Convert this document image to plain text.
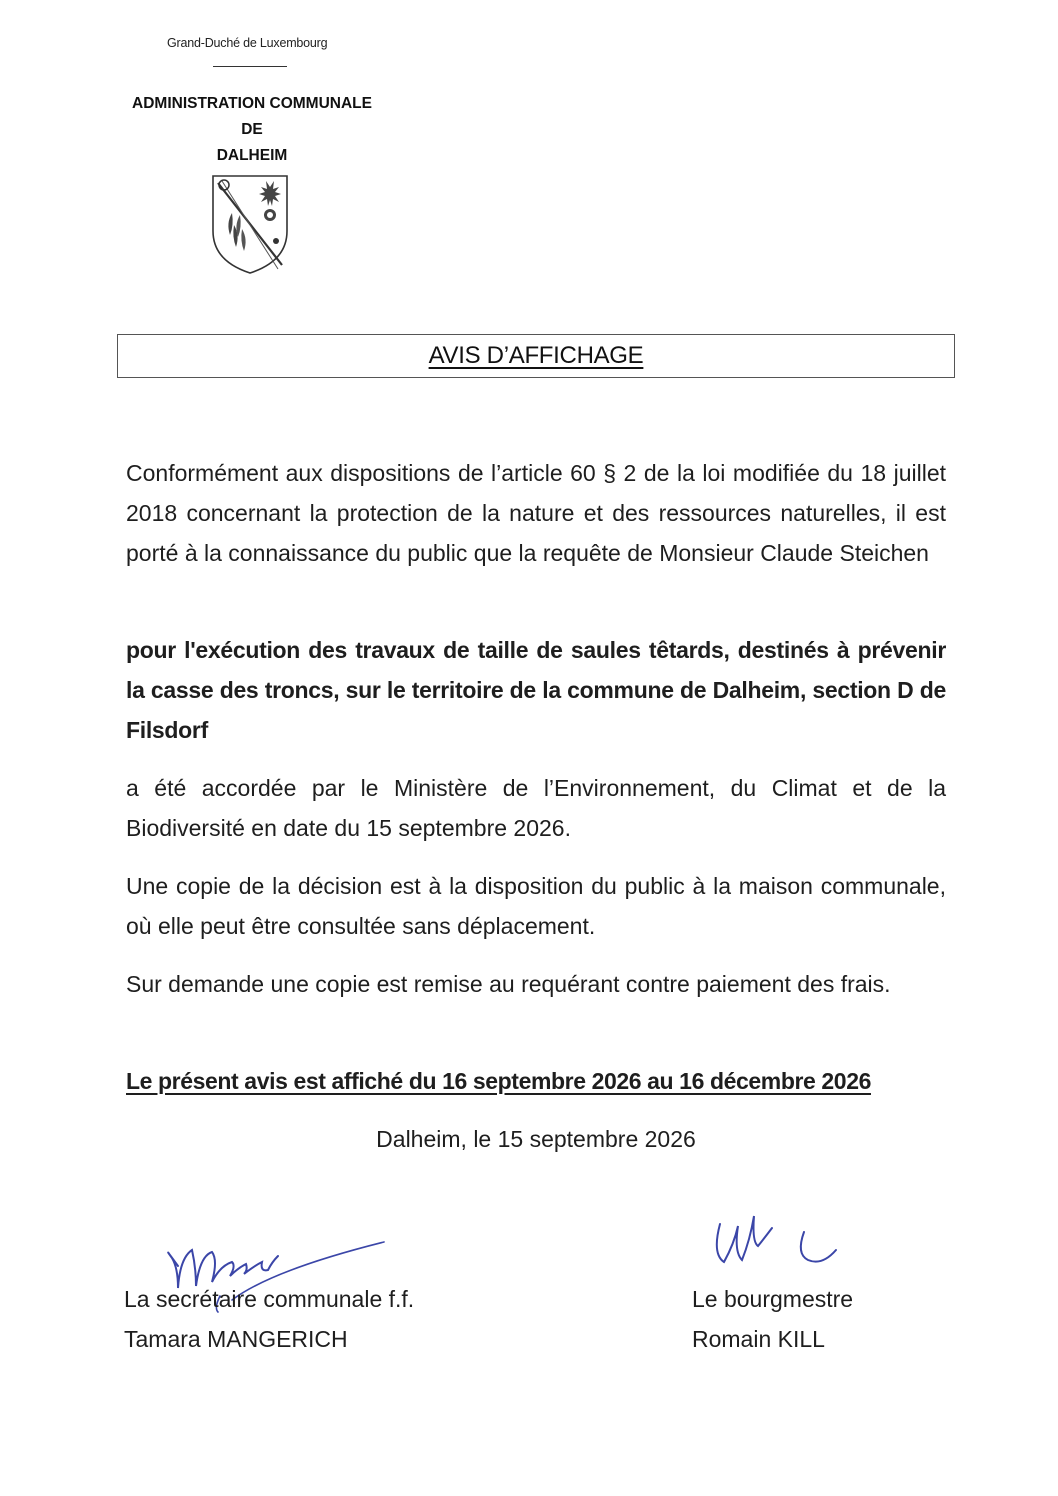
Grand-Duché de Luxembourg
ADMINISTRATION COMMUNALE
DE
DALHEIM
AVIS D’AFFICHAGE
Conformément aux dispositions de l’article 60 § 2 de la loi modifiée du 18 juillet 2018 concernant la protection de la nature et des ressources naturelles, il est porté à la connaissance du public que la requête de Monsieur Claude Steichen
pour l'exécution des travaux de taille de saules têtards, destinés à prévenir la casse des troncs, sur le territoire de la commune de Dalheim, section D de Filsdorf
a été accordée par le Ministère de l’Environnement, du Climat et de la Biodiversité en date du 15 septembre 2026.
Une copie de la décision est à la disposition du public à la maison communale, où elle peut être consultée sans déplacement.
Sur demande une copie est remise au requérant contre paiement des frais.
Le présent avis est affiché du 16 septembre 2026 au 16 décembre 2026
Dalheim, le 15 septembre 2026
La secrétaire communale f.f.
Tamara MANGERICH
Le bourgmestre
Romain KILL
